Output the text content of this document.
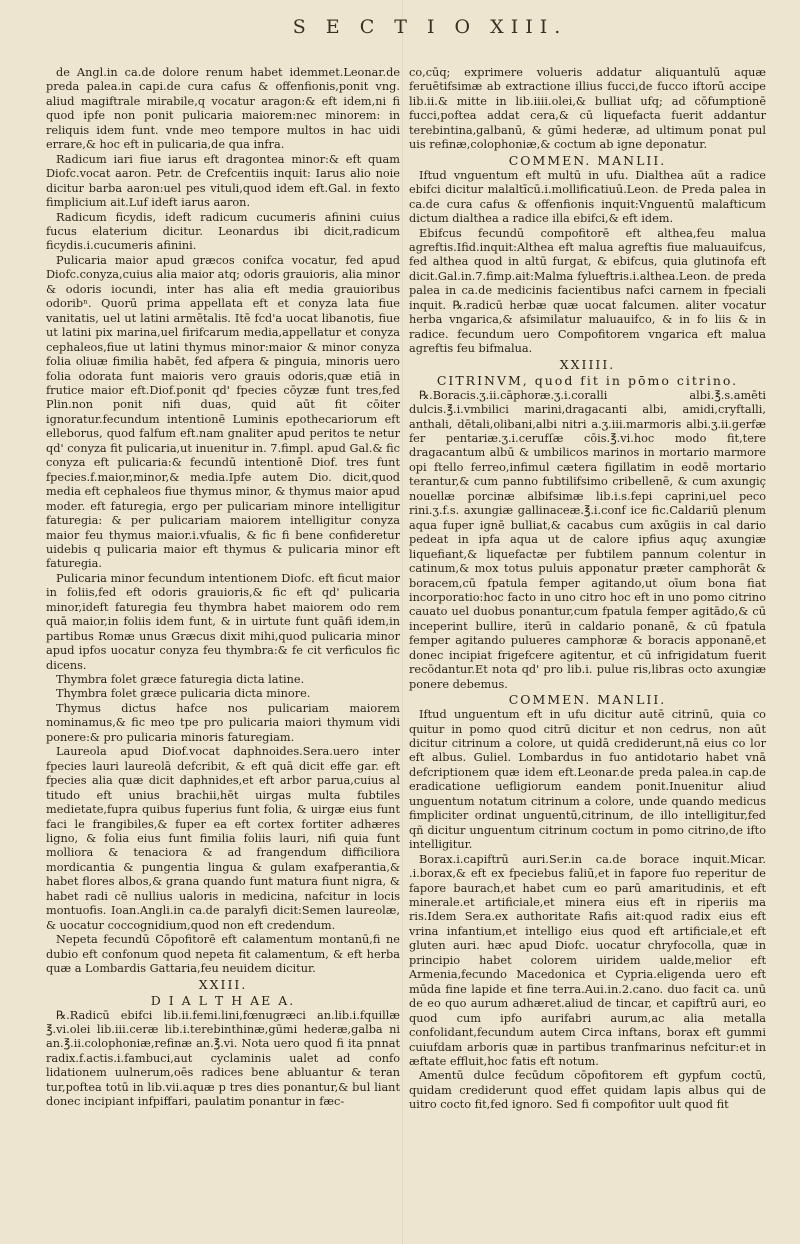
S E C T I O XIII.

de Angl.in ca.de dolore renum habet idemmet.Leonar.de preda palea.in capi.de cura cafus & offenfionis,ponit vng. aliud magiftrale mirabile,q vocatur aragon:& eft idem,ni fi quod ipfe non ponit pulicaria maiorem:nec minorem: in reliquis idem funt. vnde meo tempore multos in hac uidi errare,& hoc eft in pulicaria,de qua infra.

Radicum iari fiue iarus eft dragontea minor:& eft quam Diofc.vocat aaron. Petr. de Crefcentiis inquit: Iarus alio noie dicitur barba aaron:uel pes vituli,quod idem eft.Gal. in fexto fimplicium ait.Luf ideft iarus aaron.

Radicum ficydis, ideft radicum cucumeris afinini cuius fucus elaterium dicitur. Leonardus ibi dicit,radicum ficydis.i.cucumeris afinini.

Pulicaria maior apud græcos conifca vocatur, fed apud Diofc.conyza,cuius alia maior atq; odoris grauioris, alia minor & odoris iocundi, inter has alia eft media grauioribus odoribⁿ. Quorū prima appellata eft et conyza lata fiue vanitatis, uel ut latini armētalis. Itē fcd'a uocat libanotis, fiue ut latini pix marina,uel firifcarum media,appellatur et conyza cephaleos,fiue ut latini thymus minor:maior & minor conyza folia oliuæ fimilia habēt, fed afpera & pinguia, minoris uero folia odorata funt maioris vero grauis odoris,quæ etiā in frutice maior eft.Diof.ponit qd' fpecies cōyzæ funt tres,fed Plin.non ponit nifi duas, quid aūt fit cōiter ignoratur.fecundum intentionē Luminis epothecariorum eft elleborus, quod falfum eft.nam gnaliter apud peritos te netur qd' conyza fit pulicaria,ut inuenitur in. 7.fimpl. apud Gal.& fic conyza eft pulicaria:& fecundū intentionē Diof. tres funt fpecies.f.maior,minor,& media.Ipfe autem Dio. dicit,quod media eft cephaleos fiue thymus minor, & thymus maior apud moder. eft faturegia, ergo per pulicariam minore intelligitur faturegia: & per pulicariam maiorem intelligitur conyza maior feu thymus maior.i.vfualis, & fic fi bene confideretur uidebis q pulicaria maior eft thymus & pulicaria minor eft faturegia.

Pulicaria minor fecundum intentionem Diofc. eft ficut maior in foliis,fed eft odoris grauioris,& fic eft qd' pulicaria minor,ideft faturegia feu thymbra habet maiorem odo rem quā maior,in foliis idem funt, & in uirtute funt quāfi idem,in partibus Romæ unus Græcus dixit mihi,quod pulicaria minor apud ipfos uocatur conyza feu thymbra:& fe cit verficulos fic dicens.

Thymbra folet græce faturegia dicta latine.

Thymbra folet græce pulicaria dicta minore.

Thymus dictus hafce nos pulicariam maiorem nominamus,& fic meo tpe pro pulicaria maiori thymum vidi ponere:& pro pulicaria minoris faturegiam.

Laureola apud Diof.vocat daphnoides.Sera.uero inter fpecies lauri laureolā defcribit, & eft quā dicit effe gar. eft fpecies alia quæ dicit daphnides,et eft arbor parua,cuius al titudo eft unius brachii,hēt uirgas multa fubtiles medietate,fupra quibus fuperius funt folia, & uirgæ eius funt faci le frangibiles,& fuper ea eft cortex fortiter adhæres ligno, & folia eius funt fimilia foliis lauri, nifi quia funt molliora & tenaciora & ad frangendum difficiliora mordicantia & pungentia lingua & gulam exafperantia,& habet flores albos,& grana quando funt matura fiunt nigra, & habet radi cē nullius ualoris in medicina, nafcitur in locis montuofis. Ioan.Angli.in ca.de paralyfi dicit:Semen laureolæ, & uocatur coccognidium,quod non eft credendum.

Nepeta fecundū Cōpofitorē eft calamentum montanū,fi ne dubio eft confonum quod nepeta fit calamentum, & eft herba quæ a Lombardis Gattaria,feu neuidem dicitur.

XXIII.
D I A L T H AE A.

℞.Radicū ebifci lib.ii.femi.lini,fœnugræci an.lib.i.fquillæ ℥.vi.olei lib.iii.ceræ lib.i.terebinthinæ,gūmi hederæ,galba ni an.℥.ii.colophoniæ,refinæ an.℥.vi. Nota uero quod fi ita pnnat radix.f.actis.i.fambuci,aut cyclaminis ualet ad confo lidationem uulnerum,oēs radices bene abluantur & teran tur,poftea totū in lib.vii.aquæ p tres dies ponantur,& bul liant donec incipiant infpiffari, paulatim ponantur in fæc-

co,cūq; exprimere volueris addatur aliquantulū aquæ feruētifsimæ ab extractione illius fucci,de fucco iftorū accipe lib.ii.& mitte in lib.iiii.olei,& bulliat ufq; ad cōfumptionē fucci,poftea addat cera,& cū liquefacta fuerit addantur terebintina,galbanū, & gūmi hederæ, ad ultimum ponat pul uis refinæ,colophoniæ,& coctum ab igne deponatur.

COMMEN. MANLII.

Iftud vnguentum eft multū in ufu. Dialthea aūt a radice ebifci dicitur malaltīcū.i.mollificatiuū.Leon. de Preda palea in ca.de cura cafus & offenfionis inquit:Vnguentū malafticum dictum dialthea a radice illa ebifci,& eft idem.

Ebifcus fecundū compofitorē eft althea,feu malua agreftis.Ifid.inquit:Althea eft malua agreftis fiue maluauifcus, fed althea quod in altū furgat, & ebifcus, quia glutinofa eft dicit.Gal.in.7.fimp.ait:Malma fylueftris.i.althea.Leon. de preda palea in ca.de medicinis facientibus nafci carnem in fpeciali inquit. ℞.radicū herbæ quæ uocat falcumen. aliter vocatur herba vngarica,& afsimilatur maluauifco, & in fo liis & in radice. fecundum uero Compofitorem vngarica eft malua agreftis feu bifmalua.

XXIIII.
CITRINVM, quod fit in pōmo citrino.

℞.Boracis.ʒ.ii.cāphoræ.ʒ.i.coralli albi.℥.s.amēti dulcis.℥.i.vmbilici marini,dragacanti albi, amidi,cryftalli, anthali, dētali,olibani,albi nitri a.ʒ.iii.marmoris albi.ʒ.ii.gerfæ fer pentariæ.ʒ.i.cerufſæ cōis.℥.vi.hoc modo fit,tere dragacantum albū & umbilicos marinos in mortario marmore opi ftello ferreo,infimul cætera figillatim in eodē mortario terantur,& cum panno fubtilifsimo cribellenē, & cum axungiç nouellæ porcinæ albifsimæ lib.i.s.fepi caprini,uel peco rini.ʒ.f.s. axungiæ gallinaceæ.℥.i.conf ice fic.Caldariū plenum aqua fuper ignē bulliat,& cacabus cum axūgiis in cal dario pedeat in ipfa aqua ut de calore ipfius aquç axungiæ liquefiant,& liquefactæ per fubtilem pannum colentur in catinum,& mox totus puluis apponatur præter camphorāt & boracem,cū fpatula femper agitando,ut oīum bona fiat incorporatio:hoc facto in uno citro hoc eft in uno pomo citrino cauato uel duobus ponantur,cum fpatula femper agitādo,& cū inceperint bullire, iterū in caldario ponanē, & cū fpatula femper agitando pulueres camphoræ & boracis apponanē,et donec incipiat frigefcere agitentur, et cū infrigidatum fuerit recōdantur.Et nota qd' pro lib.i. pulue ris,libras octo axungiæ ponere debemus.

COMMEN. MANLII.

Iftud unguentum eft in ufu dicitur autē citrinū, quia co quitur in pomo quod citrū dicitur et non cedrus, non aūt dicitur citrinum a colore, ut quidā crediderunt,nā eius co lor eft albus. Guliel. Lombardus in fuo antidotario habet vnā defcriptionem quæ idem eft.Leonar.de preda palea.in cap.de eradicatione uefligiorum eandem ponit.Inuenitur aliud unguentum notatum citrinum a colore, unde quando medicus fimpliciter ordinat unguentū,citrinum, de illo intelligitur,fed qñ dicitur unguentum citrinum coctum in pomo citrino,de ifto intelligitur.

Borax.i.capiftrū auri.Ser.in ca.de borace inquit.Micar. .i.borax,& eft ex fpeciebus faliū,et in fapore fuo reperitur de fapore baurach,et habet cum eo parū amaritudinis, et eft minerale.et artificiale,et minera eius eft in riperiis ma ris.Idem Sera.ex authoritate Rafis ait:quod radix eius eft vrina infantium,et intelligo eius quod eft artificiale,et eft gluten auri. hæc apud Diofc. uocatur chryfocolla, quæ in principio habet colorem uiridem ualde,melior eft Armenia,fecundo Macedonica et Cypria.eligenda uero eft mūda fine lapide et fine terra.Aui.in.2.cano. duo facit ca. unū de eo quo aurum adhæret.aliud de tincar, et capiftrū auri, eo quod cum ipfo aurifabri aurum,ac alia metalla confolidant,fecundum autem Circa inftans, borax eft gummi cuiufdam arboris quæ in partibus tranfmarinus nefcitur:et in æftate effluit,hoc fatis eft notum.

Amentū dulce fecūdum cōpofitorem eft gypfum coctū, quidam crediderunt quod effet quidam lapis albus qui de uitro cocto fit,fed ignoro. Sed fi compofitor uult quod fit
